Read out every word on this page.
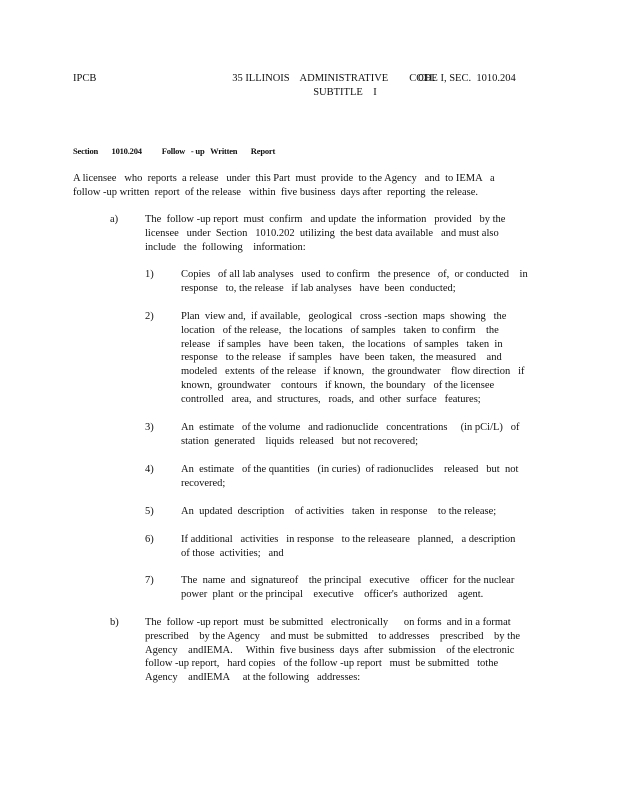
IPCB	35 ILLINOIS    ADMINISTRATIVE        CODE
SUBTITLE    I
CH.  I, SEC.  1010.204
Section       1010.204 Follow   - up   Written       Report
A licensee   who  reports  a release   under  this Part  must  provide  to the Agency   and  to IEMA   a
follow -up written  report  of the release   within  five business  days after  reporting  the release.
a)	The  follow -up report  must  confirm   and update  the information   provided   by the
licensee   under  Section   1010.202  utilizing  the best data available   and must also
include   the  following    information:
1)	Copies   of all lab analyses   used  to confirm   the presence   of,  or conducted    in
response   to, the release   if lab analyses   have  been  conducted;
2)	Plan  view and,  if available,   geological   cross -section  maps  showing   the
location   of the release,   the locations   of samples   taken  to confirm    the
release   if samples   have  been  taken,   the locations   of samples   taken  in
response   to the release   if samples   have  been  taken,  the measured    and
modeled   extents  of the release   if known,   the groundwater    flow direction   if
known,  groundwater    contours   if known,  the boundary   of the licensee
controlled   area,  and  structures,   roads,  and  other  surface   features;
3)	An  estimate   of the volume   and radionuclide   concentrations     (in pCi/L)   of
station  generated    liquids  released   but not recovered;
4)	An  estimate   of the quantities   (in curies)  of radionuclides    released   but  not
recovered;
5)	An  updated  description    of activities   taken  in response    to the release;
6)	If additional   activities   in response   to the releaseare   planned,   a description
of those  activities;   and
7)	The  name  and  signatureof    the principal   executive    officer  for the nuclear
power  plant  or the principal    executive    officer's  authorized    agent.
b)	The  follow -up report  must  be submitted   electronically      on forms  and in a format
prescribed    by the Agency    and must  be submitted    to addresses    prescribed    by the
Agency    andIEMA.     Within  five business  days  after  submission    of the electronic
follow -up report,   hard copies   of the follow -up report   must  be submitted   tothe
Agency    andIEMA     at the following   addresses:
